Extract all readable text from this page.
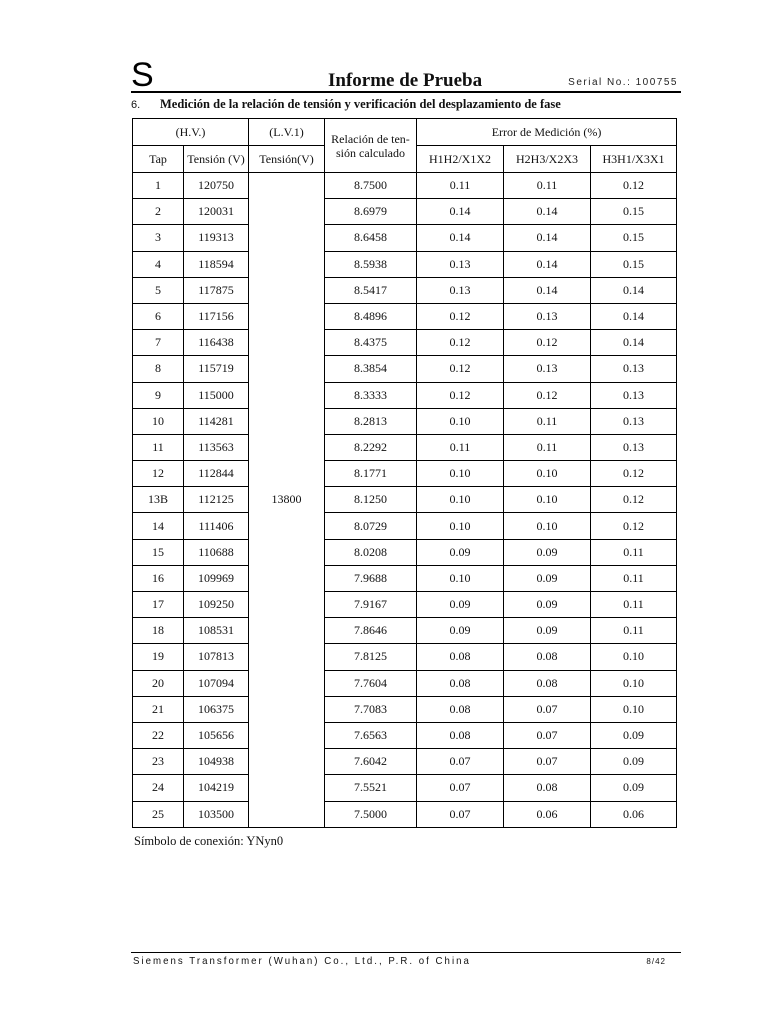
S	Informe de Prueba	Serial No.: 100755
6. Medición de la relación de tensión y verificación del desplazamiento de fase
(H.V.)		(L.V.1)	Relación de ten-sión calculado	Error de Medición (%)		
Tap	Tensión (V)	Tensión(V)		H1H2/X1X2	H2H3/X2X3	H3H1/X3X1
1	120750	13800	8.7500	0.11	0.11	0.12
2	120031		8.6979	0.14	0.14	0.15
3	119313		8.6458	0.14	0.14	0.15
4	118594		8.5938	0.13	0.14	0.15
5	117875		8.5417	0.13	0.14	0.14
6	117156		8.4896	0.12	0.13	0.14
7	116438		8.4375	0.12	0.12	0.14
8	115719		8.3854	0.12	0.13	0.13
9	115000		8.3333	0.12	0.12	0.13
10	114281		8.2813	0.10	0.11	0.13
11	113563		8.2292	0.11	0.11	0.13
12	112844		8.1771	0.10	0.10	0.12
13B	112125		8.1250	0.10	0.10	0.12
14	111406		8.0729	0.10	0.10	0.12
15	110688		8.0208	0.09	0.09	0.11
16	109969		7.9688	0.10	0.09	0.11
17	109250		7.9167	0.09	0.09	0.11
18	108531		7.8646	0.09	0.09	0.11
19	107813		7.8125	0.08	0.08	0.10
20	107094		7.7604	0.08	0.08	0.10
21	106375		7.7083	0.08	0.07	0.10
22	105656		7.6563	0.08	0.07	0.09
23	104938		7.6042	0.07	0.07	0.09
24	104219		7.5521	0.07	0.08	0.09
25	103500		7.5000	0.07	0.06	0.06
Símbolo de conexión: YNyn0
Siemens Transformer (Wuhan) Co., Ltd., P.R. of China	8/42
